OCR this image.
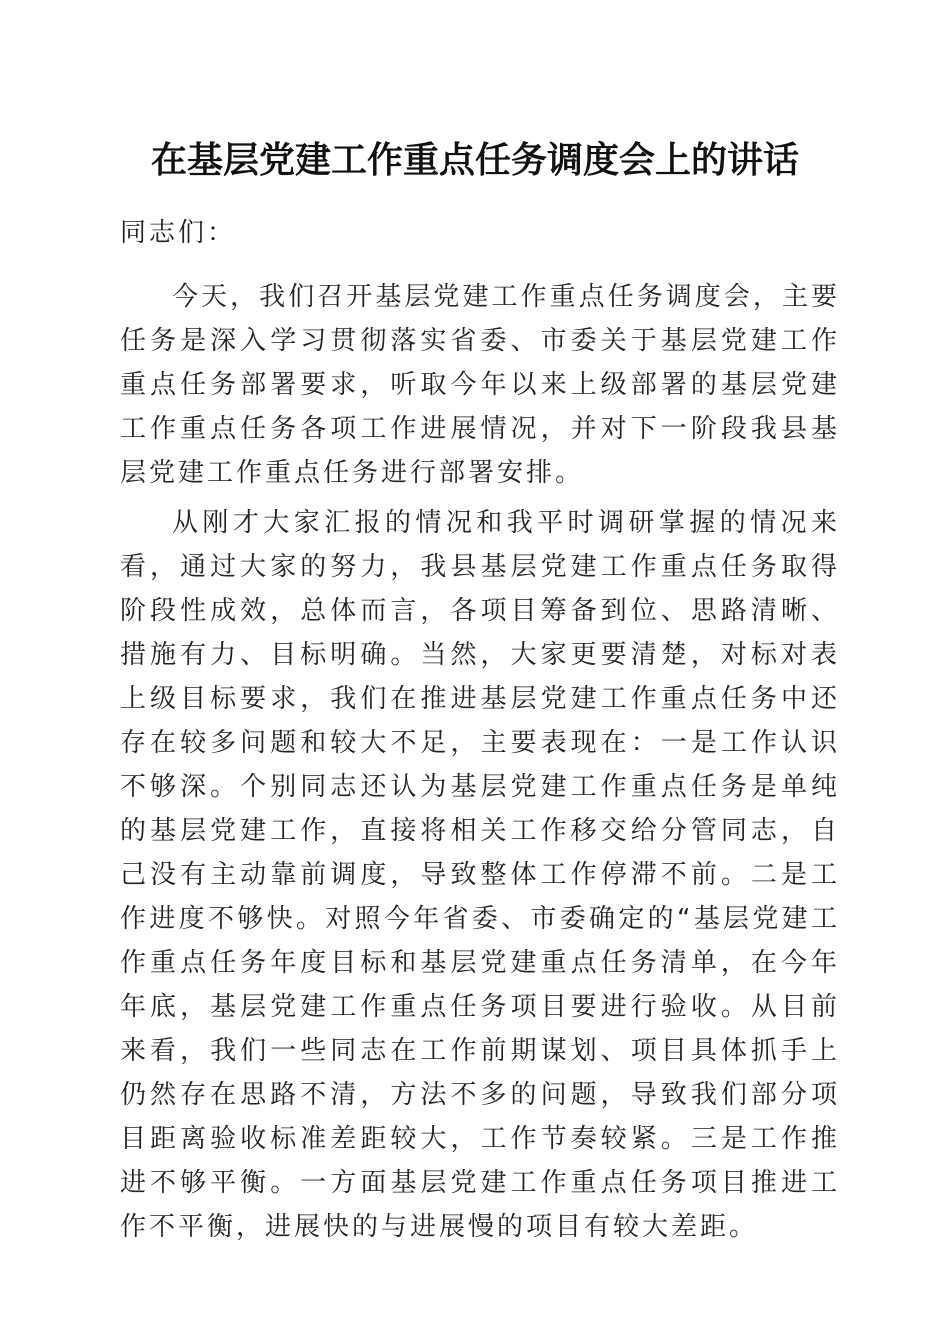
在基层党建工作重点任务调度会上的讲话
同志们：

今天，我们召开基层党建工作重点任务调度会，主要任务是深入学习贯彻落实省委、市委关于基层党建工作重点任务部署要求，听取今年以来上级部署的基层党建工作重点任务各项工作进展情况，并对下一阶段我县基层党建工作重点任务进行部署安排。

从刚才大家汇报的情况和我平时调研掌握的情况来看，通过大家的努力，我县基层党建工作重点任务取得阶段性成效，总体而言，各项目筹备到位、思路清晰、措施有力、目标明确。当然，大家更要清楚，对标对表上级目标要求，我们在推进基层党建工作重点任务中还存在较多问题和较大不足，主要表现在：一是工作认识不够深。个别同志还认为基层党建工作重点任务是单纯的基层党建工作，直接将相关工作移交给分管同志，自己没有主动靠前调度，导致整体工作停滞不前。二是工作进度不够快。对照今年省委、市委确定的“基层党建工作重点任务年度目标和基层党建重点任务清单，在今年年底，基层党建工作重点任务项目要进行验收。从目前来看，我们一些同志在工作前期谋划、项目具体抓手上仍然存在思路不清，方法不多的问题，导致我们部分项目距离验收标准差距较大，工作节奏较紧。三是工作推进不够平衡。一方面基层党建工作重点任务项目推进工作不平衡，进展快的与进展慢的项目有较大差距。
